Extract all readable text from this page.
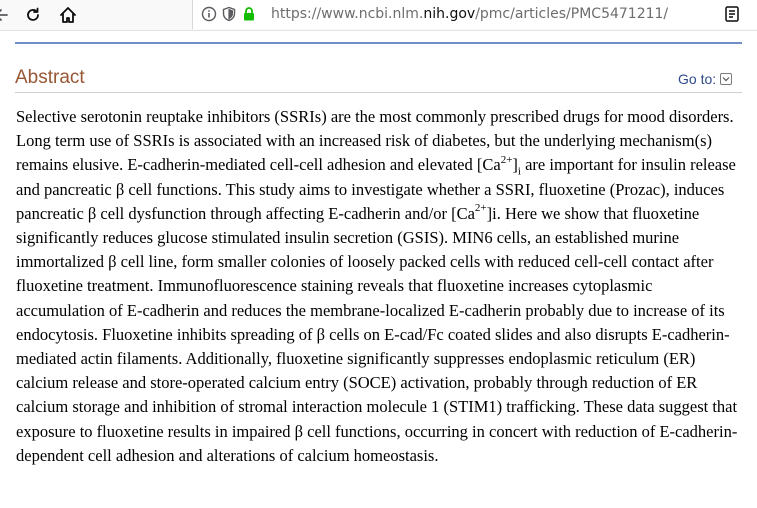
https://www.ncbi.nlm.nih.gov/pmc/articles/PMC5471211/
Abstract	Go to:

Selective serotonin reuptake inhibitors (SSRIs) are the most commonly prescribed drugs for mood disorders. Long term use of SSRIs is associated with an increased risk of diabetes, but the underlying mechanism(s) remains elusive. E-cadherin-mediated cell-cell adhesion and elevated $[Ca^{2+}]_i$ are important for insulin release and pancreatic β cell functions. This study aims to investigate whether a SSRI, fluoxetine (Prozac), induces pancreatic β cell dysfunction through affecting E-cadherin and/or $[Ca^{2+}]i$. Here we show that fluoxetine significantly reduces glucose stimulated insulin secretion (GSIS). MIN6 cells, an established murine immortalized β cell line, form smaller colonies of loosely packed cells with reduced cell-cell contact after fluoxetine treatment. Immunofluorescence staining reveals that fluoxetine increases cytoplasmic accumulation of E-cadherin and reduces the membrane-localized E-cadherin probably due to increase of its endocytosis. Fluoxetine inhibits spreading of β cells on E-cad/Fc coated slides and also disrupts E-cadherin-mediated actin filaments. Additionally, fluoxetine significantly suppresses endoplasmic reticulum (ER) calcium release and store-operated calcium entry (SOCE) activation, probably through reduction of ER calcium storage and inhibition of stromal interaction molecule 1 (STIM1) trafficking. These data suggest that exposure to fluoxetine results in impaired β cell functions, occurring in concert with reduction of E-cadherin-dependent cell adhesion and alterations of calcium homeostasis.
